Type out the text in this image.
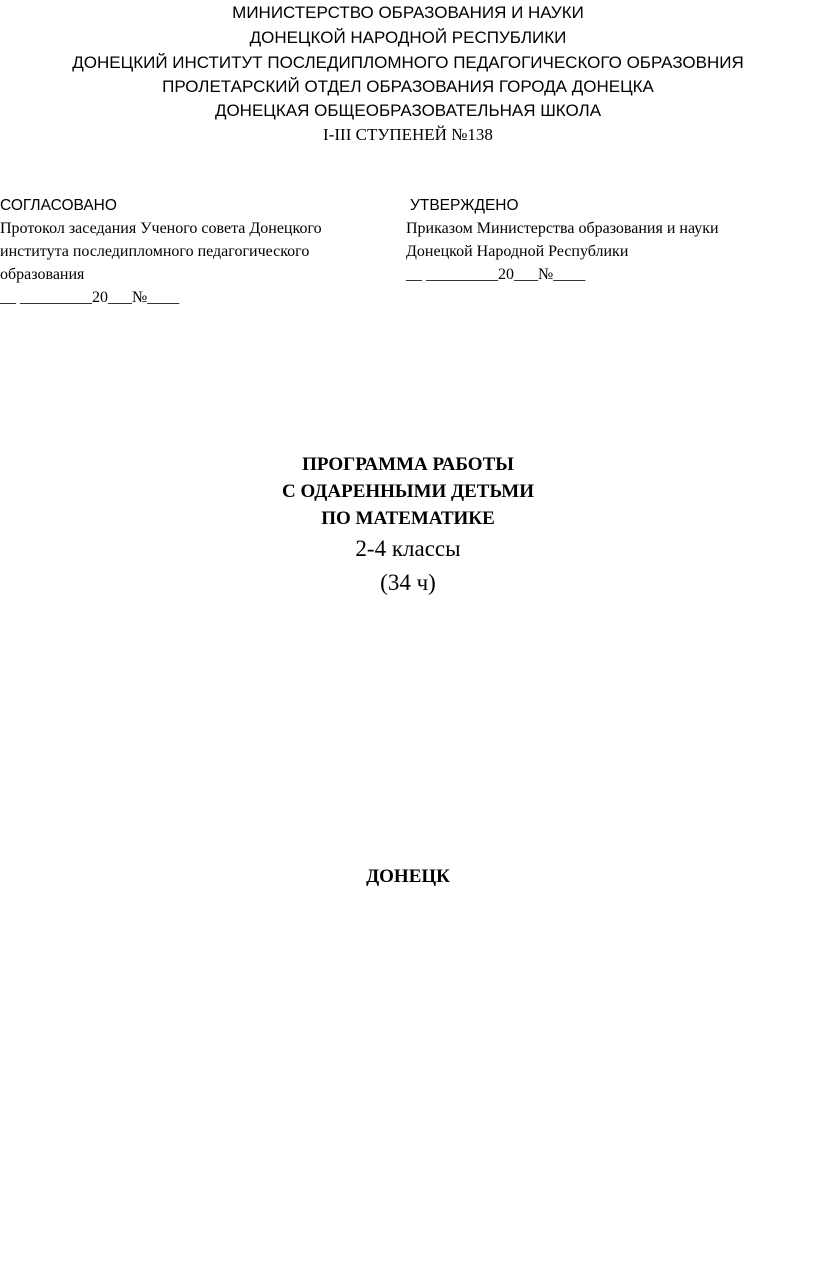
МИНИСТЕРСТВО ОБРАЗОВАНИЯ И НАУКИ
ДОНЕЦКОЙ НАРОДНОЙ РЕСПУБЛИКИ
ДОНЕЦКИЙ ИНСТИТУТ ПОСЛЕДИПЛОМНОГО ПЕДАГОГИЧЕСКОГО ОБРАЗОВНИЯ
ПРОЛЕТАРСКИЙ ОТДЕЛ ОБРАЗОВАНИЯ ГОРОДА ДОНЕЦКА
ДОНЕЦКАЯ ОБЩЕОБРАЗОВАТЕЛЬНАЯ ШКОЛА
І-ІІІ СТУПЕНЕЙ №138
СОГЛАСОВАНО
Протокол заседания Ученого совета Донецкого
института последипломного педагогического
образования
__ _________20___№____
УТВЕРЖДЕНО
Приказом Министерства образования и науки
Донецкой Народной Республики
__ _________20___№____
ПРОГРАММА РАБОТЫ
С ОДАРЕННЫМИ ДЕТЬМИ
ПО МАТЕМАТИКЕ
2-4 классы
(34 ч)
ДОНЕЦК
